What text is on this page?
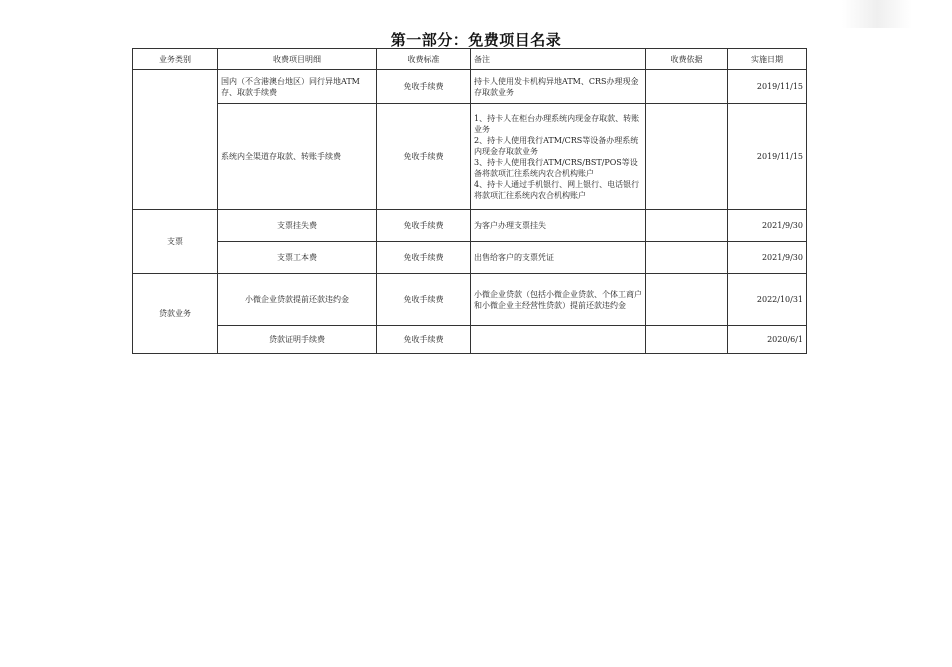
第一部分：免费项目名录
业务类别	收费项目明细	收费标准	备注	收费依据	实施日期
	国内（不含港澳台地区）同行异地ATM存、取款手续费	免收手续费	持卡人使用发卡机构异地ATM、CRS办理现金存取款业务		2019/11/15
	系统内全渠道存取款、转账手续费	免收手续费	1、持卡人在柜台办理系统内现金存取款、转账业务
2、持卡人使用我行ATM/CRS等设备办理系统内现金存取款业务
3、持卡人使用我行ATM/CRS/BST/POS等设备将款项汇往系统内农合机构账户
4、持卡人通过手机银行、网上银行、电话银行将款项汇往系统内农合机构账户		2019/11/15
支票	支票挂失费	免收手续费	为客户办理支票挂失		2021/9/30
	支票工本费	免收手续费	出售给客户的支票凭证		2021/9/30
贷款业务	小微企业贷款提前还款违约金	免收手续费	小微企业贷款（包括小微企业贷款、个体工商户和小微企业主经营性贷款）提前还款违约金		2022/10/31
	贷款证明手续费	免收手续费			2020/6/1
